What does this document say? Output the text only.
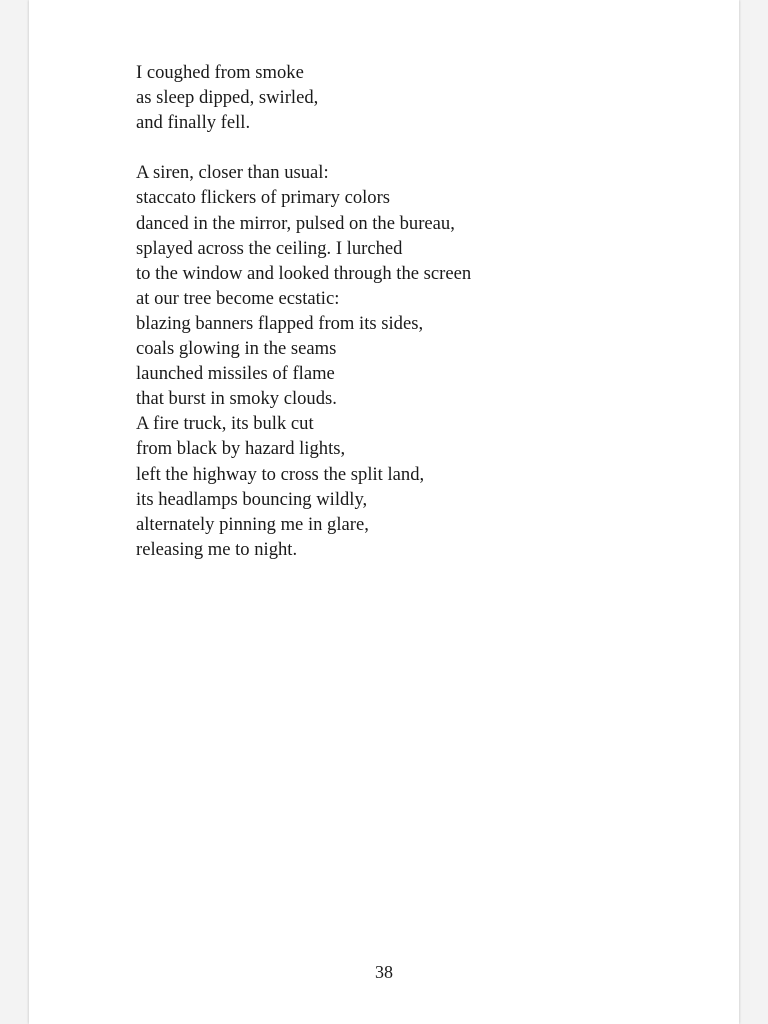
I coughed from smoke
as sleep dipped, swirled,
and finally fell.

A siren, closer than usual:
staccato flickers of primary colors
danced in the mirror, pulsed on the bureau,
splayed across the ceiling. I lurched
to the window and looked through the screen
at our tree become ecstatic:
blazing banners flapped from its sides,
coals glowing in the seams
launched missiles of flame
that burst in smoky clouds.
A fire truck, its bulk cut
from black by hazard lights,
left the highway to cross the split land,
its headlamps bouncing wildly,
alternately pinning me in glare,
releasing me to night.

38
